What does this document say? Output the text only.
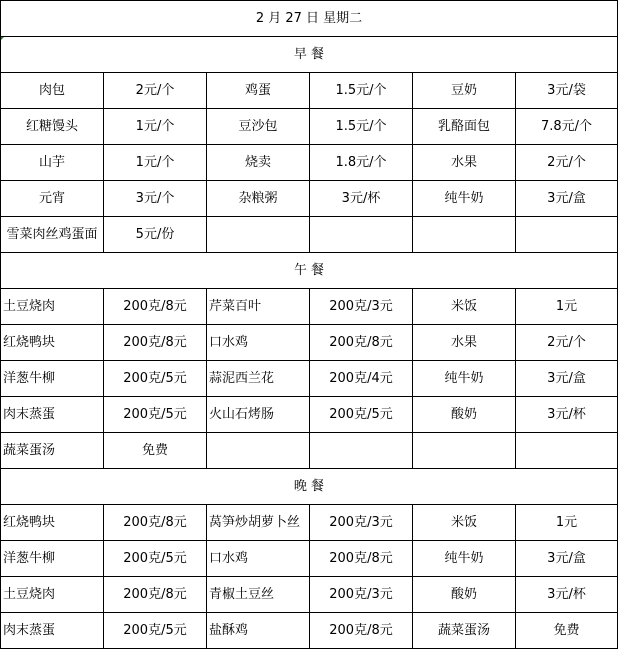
2 月 27 日 星期二					
早 餐					
肉包	2元/个	鸡蛋	1.5元/个	豆奶	3元/袋
红糖馒头	1元/个	豆沙包	1.5元/个	乳酪面包	7.8元/个
山芋	1元/个	烧卖	1.8元/个	水果	2元/个
元宵	3元/个	杂粮粥	3元/杯	纯牛奶	3元/盒
雪菜肉丝鸡蛋面	5元/份				
午 餐					
土豆烧肉	200克/8元	芹菜百叶	200克/3元	米饭	1元
红烧鸭块	200克/8元	口水鸡	200克/8元	水果	2元/个
洋葱牛柳	200克/5元	蒜泥西兰花	200克/4元	纯牛奶	3元/盒
肉末蒸蛋	200克/5元	火山石烤肠	200克/5元	酸奶	3元/杯
蔬菜蛋汤	免费				
晚 餐					
红烧鸭块	200克/8元	莴笋炒胡萝卜丝	200克/3元	米饭	1元
洋葱牛柳	200克/5元	口水鸡	200克/8元	纯牛奶	3元/盒
土豆烧肉	200克/8元	青椒土豆丝	200克/3元	酸奶	3元/杯
肉末蒸蛋	200克/5元	盐酥鸡	200克/8元	蔬菜蛋汤	免费
